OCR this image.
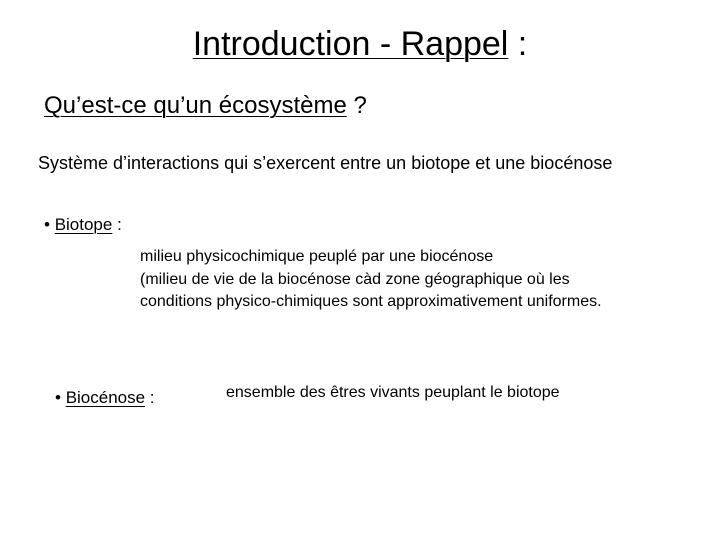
Introduction - Rappel :
Qu’est-ce qu’un écosystème ?
Système d’interactions qui s’exercent entre un biotope et une biocénose
• Biotope :
milieu physicochimique peuplé par une biocénose
(milieu de vie de la biocénose càd zone géographique où les
conditions physico-chimiques sont approximativement uniformes.
• Biocénose :	ensemble des êtres vivants peuplant le biotope
